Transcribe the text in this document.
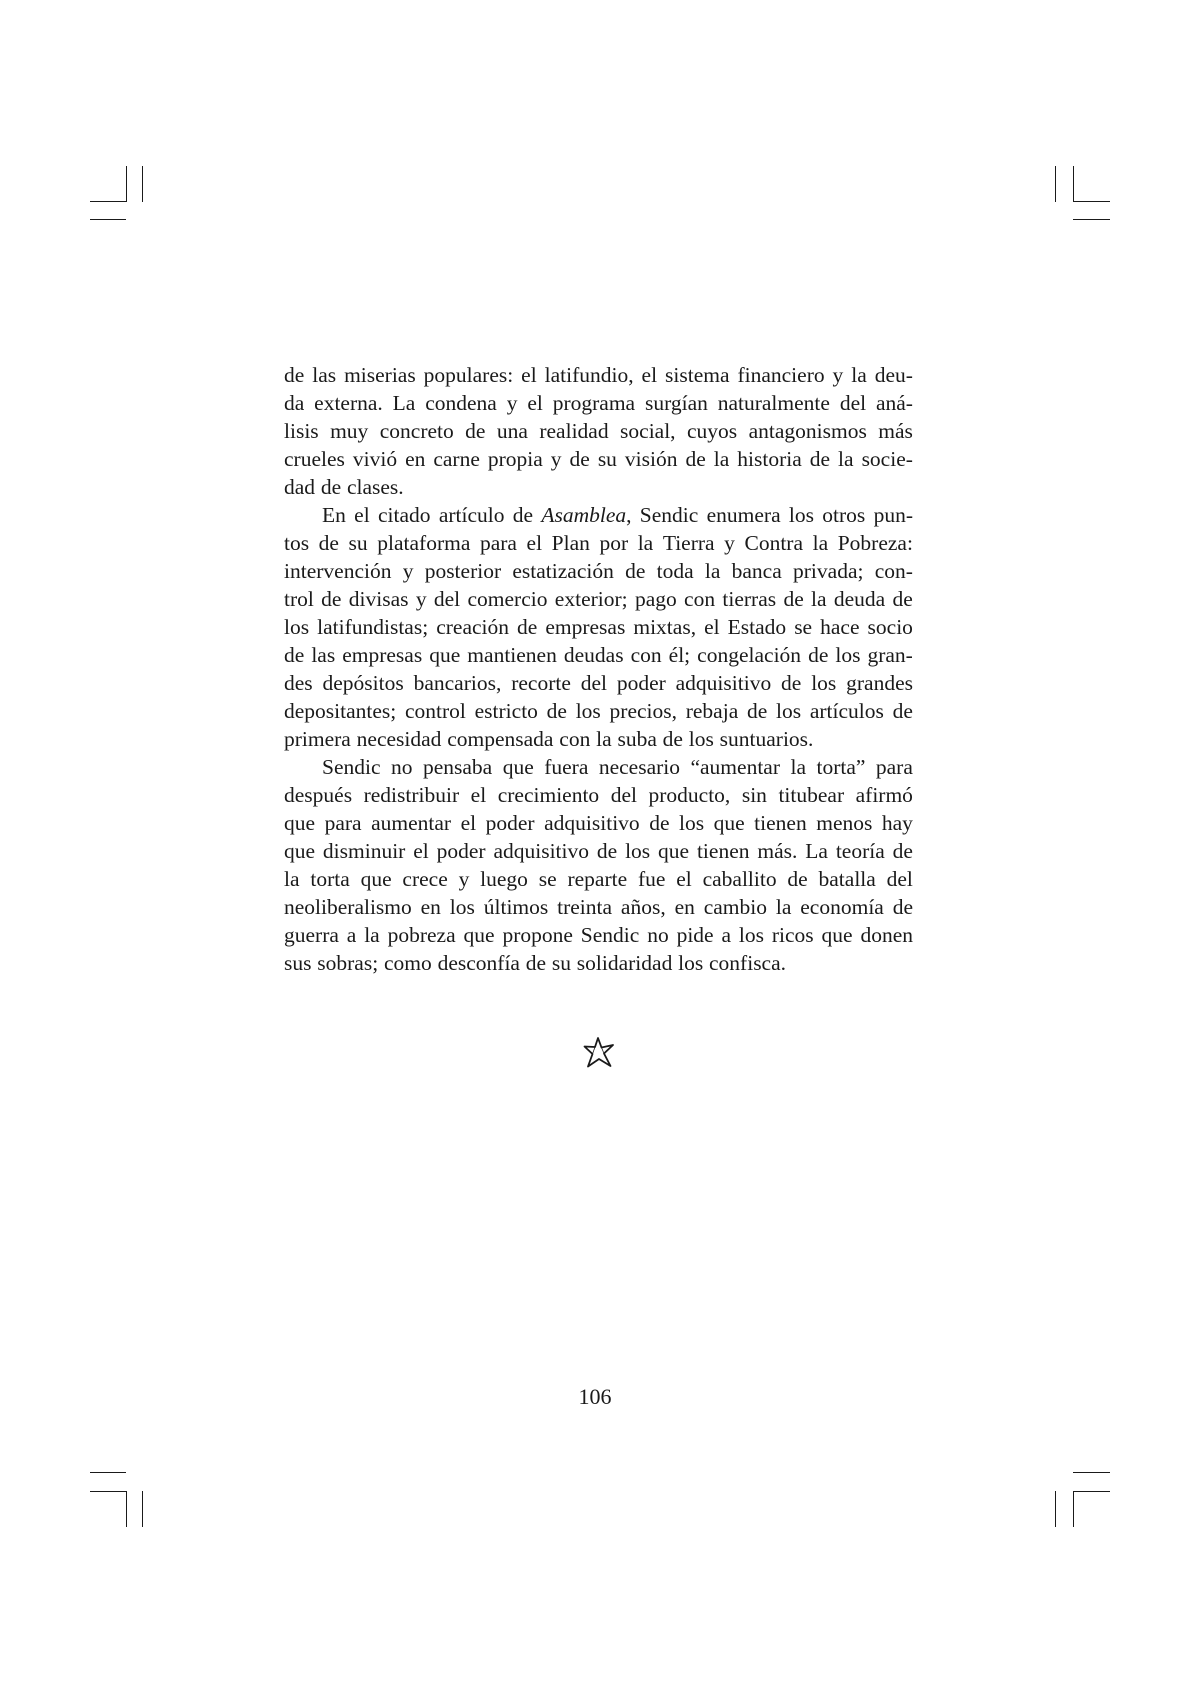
de las miserias populares: el latifundio, el sistema financiero y la deu-
da externa. La condena y el programa surgían naturalmente del aná-
lisis muy concreto de una realidad social, cuyos antagonismos más
crueles vivió en carne propia y de su visión de la historia de la socie-
dad de clases.
En el citado artículo de Asamblea, Sendic enumera los otros pun-
tos de su plataforma para el Plan por la Tierra y Contra la Pobreza:
intervención y posterior estatización de toda la banca privada; con-
trol de divisas y del comercio exterior; pago con tierras de la deuda de
los latifundistas; creación de empresas mixtas, el Estado se hace socio
de las empresas que mantienen deudas con él; congelación de los gran-
des depósitos bancarios, recorte del poder adquisitivo de los grandes
depositantes; control estricto de los precios, rebaja de los artículos de
primera necesidad compensada con la suba de los suntuarios.
Sendic no pensaba que fuera necesario “aumentar la torta” para
después redistribuir el crecimiento del producto, sin titubear afirmó
que para aumentar el poder adquisitivo de los que tienen menos hay
que disminuir el poder adquisitivo de los que tienen más. La teoría de
la torta que crece y luego se reparte fue el caballito de batalla del
neoliberalismo en los últimos treinta años, en cambio la economía de
guerra a la pobreza que propone Sendic no pide a los ricos que donen
sus sobras; como desconfía de su solidaridad los confisca.
106
